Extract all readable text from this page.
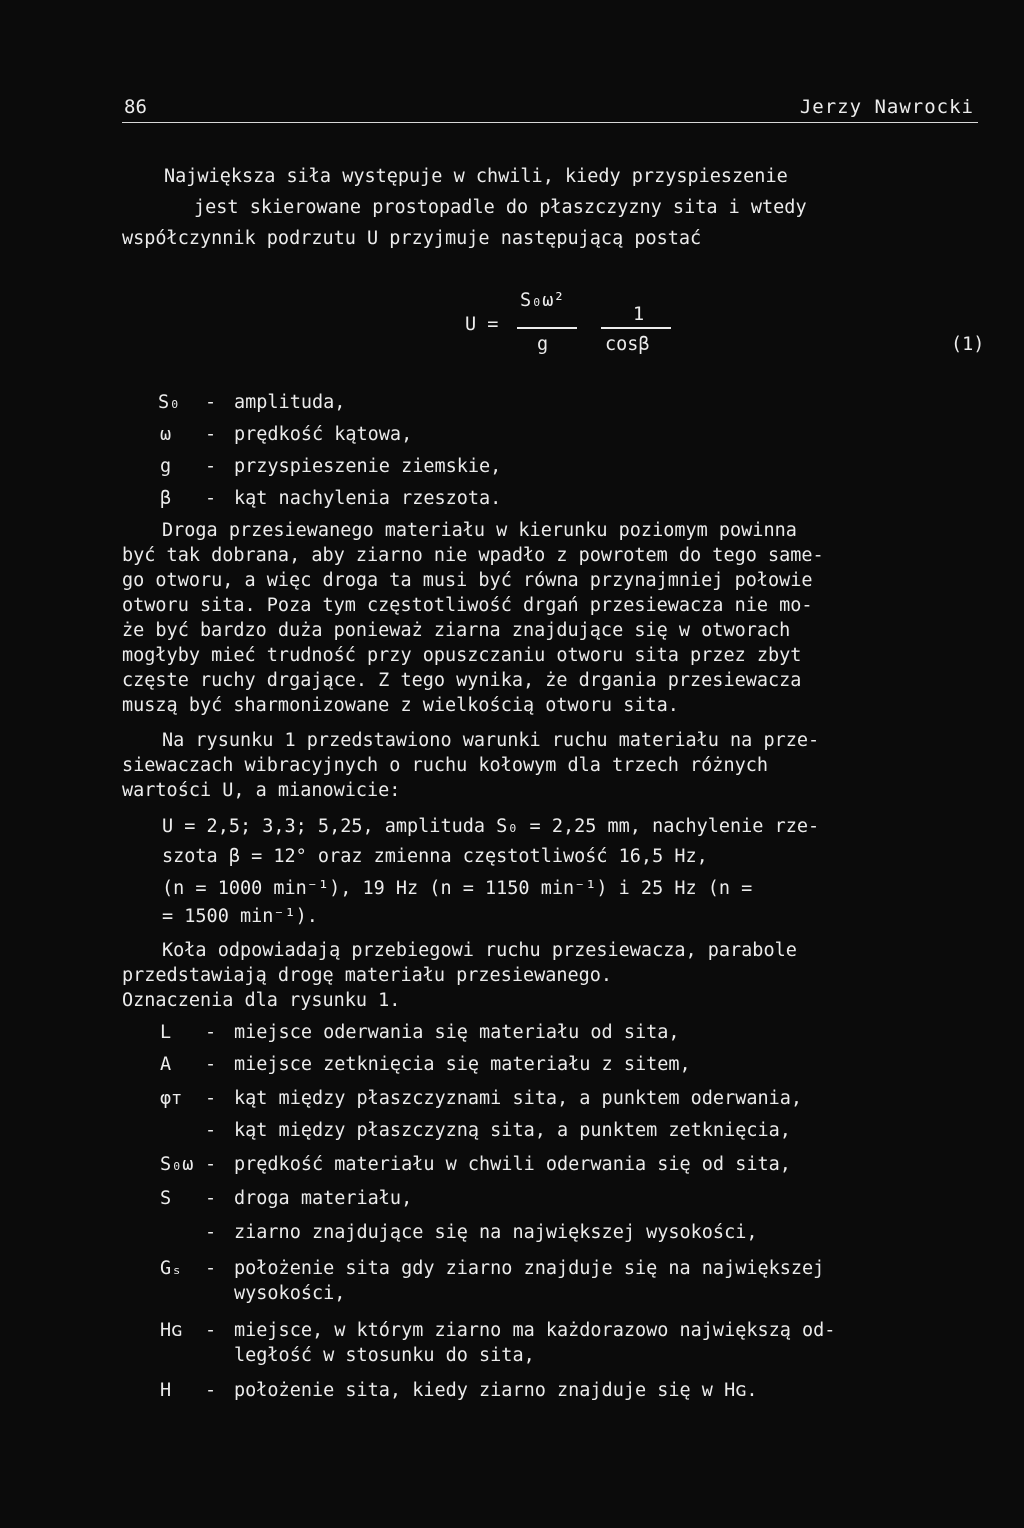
86	Jerzy Nawrocki
Największa siła występuje w chwili, kiedy przyspieszenie
jest skierowane prostopadle do płaszczyzny sita i wtedy
współczynnik podrzutu U przyjmuje następującą postać
U =
S₀ω²
g
1
cosβ	(1)
S₀ - amplituda,
ω - prędkość kątowa,
g - przyspieszenie ziemskie,
β - kąt nachylenia rzeszota.
Droga przesiewanego materiału w kierunku poziomym powinna
być tak dobrana, aby ziarno nie wpadło z powrotem do tego same-
go otworu, a więc droga ta musi być równa przynajmniej połowie
otworu sita. Poza tym częstotliwość drgań przesiewacza nie mo-
że być bardzo duża ponieważ ziarna znajdujące się w otworach
mogłyby mieć trudność przy opuszczaniu otworu sita przez zbyt
częste ruchy drgające. Z tego wynika, że drgania przesiewacza
muszą być sharmonizowane z wielkością otworu sita.
Na rysunku 1 przedstawiono warunki ruchu materiału na prze-
siewaczach wibracyjnych o ruchu kołowym dla trzech różnych
wartości U, a mianowicie:
U = 2,5; 3,3; 5,25, amplituda S₀ = 2,25 mm, nachylenie rze-
szota β = 12° oraz zmienna częstotliwość 16,5 Hz,
(n = 1000 min⁻¹), 19 Hz (n = 1150 min⁻¹) i 25 Hz (n =
= 1500 min⁻¹).
Koła odpowiadają przebiegowi ruchu przesiewacza, parabole
przedstawiają drogę materiału przesiewanego.
Oznaczenia dla rysunku 1.
L - miejsce oderwania się materiału od sita,
A - miejsce zetknięcia się materiału z sitem,
φᴛ - kąt między płaszczyznami sita, a punktem oderwania,
- kąt między płaszczyzną sita, a punktem zetknięcia,
S₀ω - prędkość materiału w chwili oderwania się od sita,
S - droga materiału,
- ziarno znajdujące się na największej wysokości,
Gₛ - położenie sita gdy ziarno znajduje się na największej
wysokości,
Hɢ - miejsce, w którym ziarno ma każdorazowo największą od-
ległość w stosunku do sita,
H - położenie sita, kiedy ziarno znajduje się w Hɢ.
